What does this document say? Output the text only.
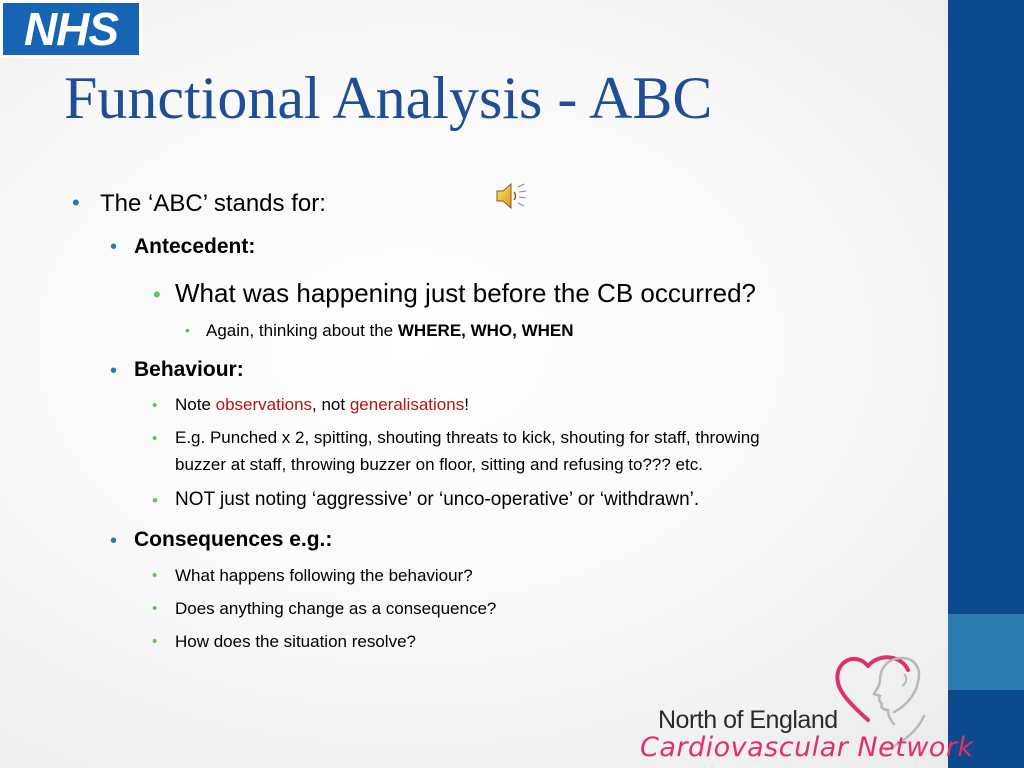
NHS
Functional Analysis - ABC
• The ‘ABC’ stands for:
• Antecedent:
• What was happening just before the CB occurred?
• Again, thinking about the WHERE, WHO, WHEN
• Behaviour:
• Note observations, not generalisations!
• E.g. Punched x 2, spitting, shouting threats to kick, shouting for staff, throwing
buzzer at staff, throwing buzzer on floor, sitting and refusing to??? etc.
• NOT just noting ‘aggressive’ or ‘unco-operative’ or ‘withdrawn’.
• Consequences e.g.:
• What happens following the behaviour?
• Does anything change as a consequence?
• How does the situation resolve?
North of England
Cardiovascular Network
